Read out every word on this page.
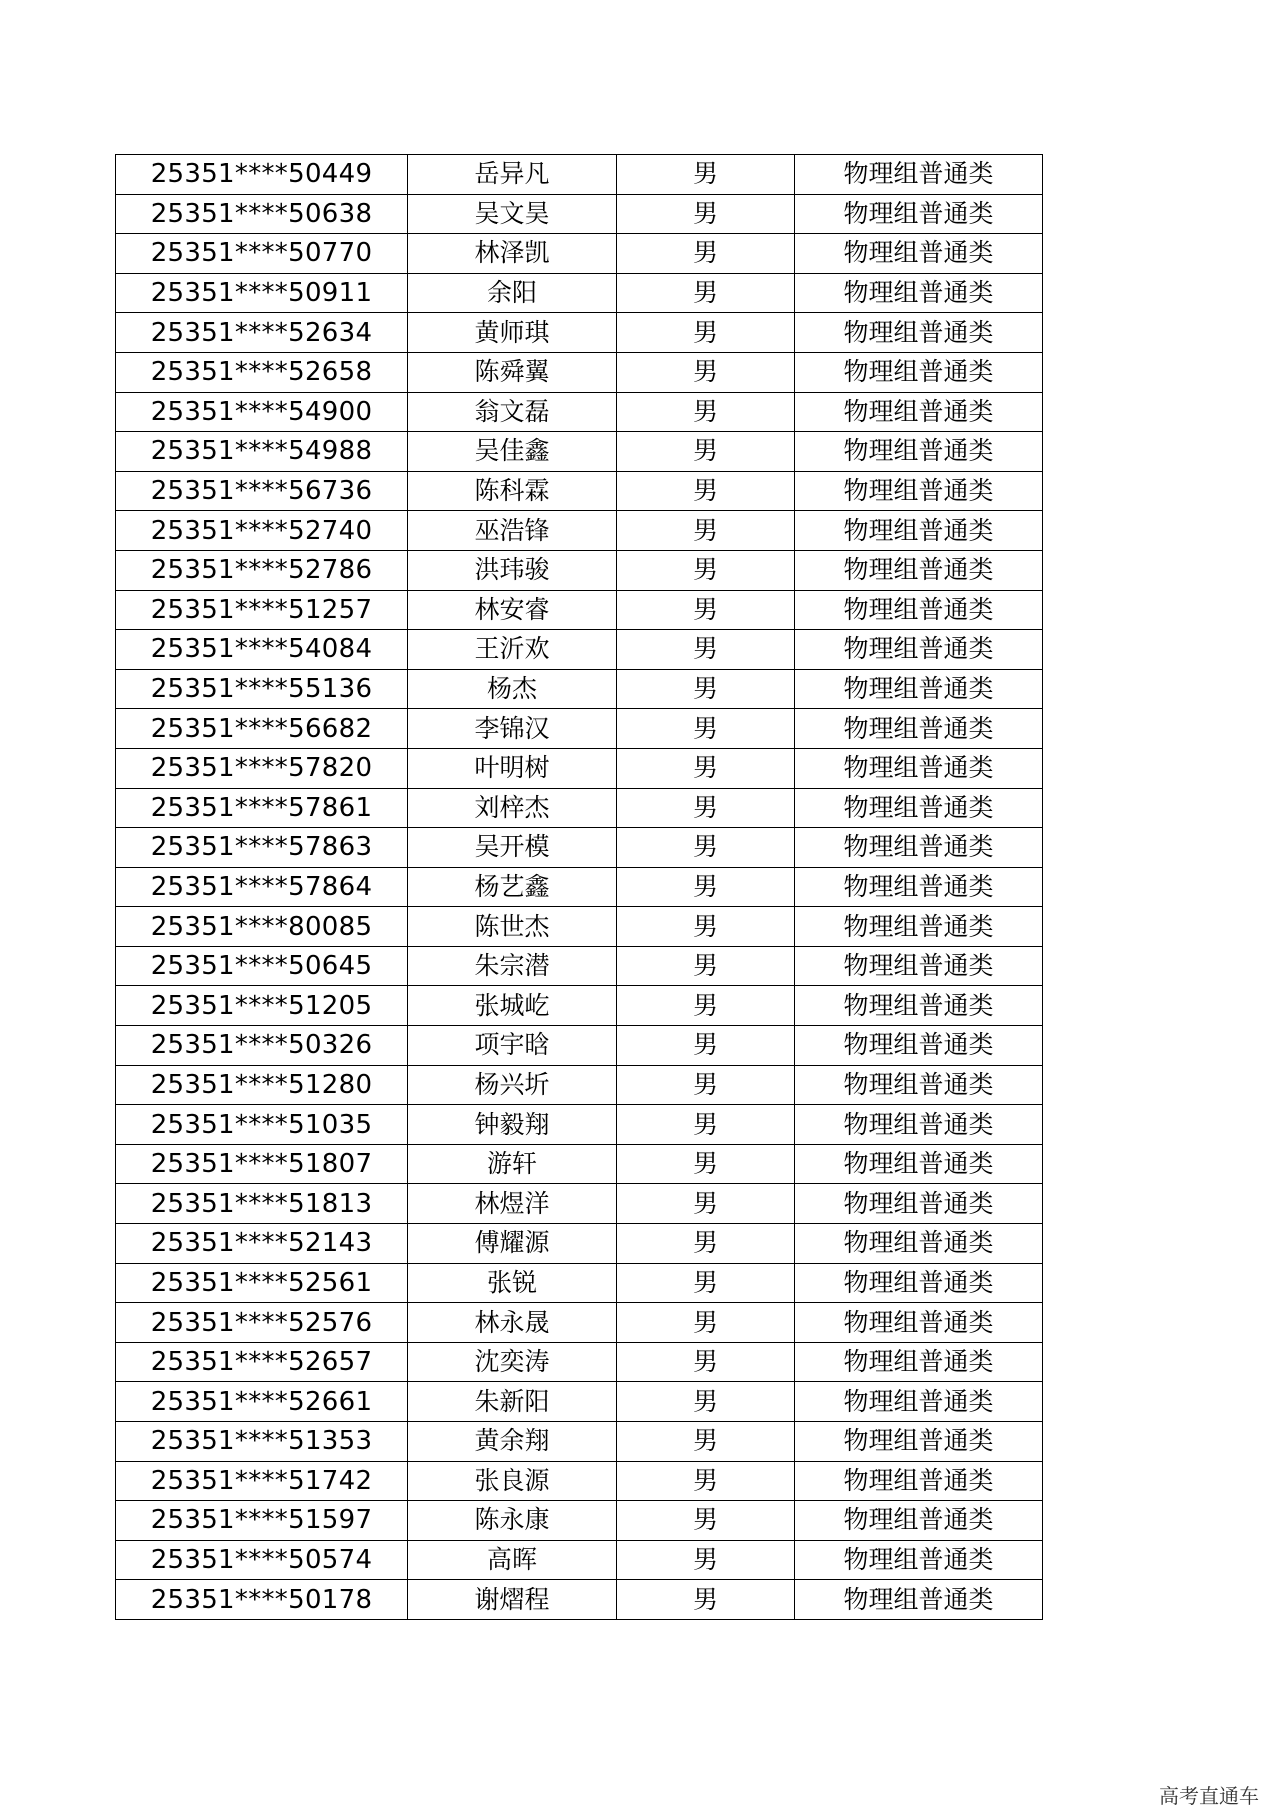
25351****50449	岳异凡	男	物理组普通类
25351****50638	吴文昊	男	物理组普通类
25351****50770	林泽凯	男	物理组普通类
25351****50911	余阳	男	物理组普通类
25351****52634	黄师琪	男	物理组普通类
25351****52658	陈舜翼	男	物理组普通类
25351****54900	翁文磊	男	物理组普通类
25351****54988	吴佳鑫	男	物理组普通类
25351****56736	陈科霖	男	物理组普通类
25351****52740	巫浩锋	男	物理组普通类
25351****52786	洪玮骏	男	物理组普通类
25351****51257	林安睿	男	物理组普通类
25351****54084	王沂欢	男	物理组普通类
25351****55136	杨杰	男	物理组普通类
25351****56682	李锦汉	男	物理组普通类
25351****57820	叶明树	男	物理组普通类
25351****57861	刘梓杰	男	物理组普通类
25351****57863	吴开模	男	物理组普通类
25351****57864	杨艺鑫	男	物理组普通类
25351****80085	陈世杰	男	物理组普通类
25351****50645	朱宗潜	男	物理组普通类
25351****51205	张城屹	男	物理组普通类
25351****50326	项宇晗	男	物理组普通类
25351****51280	杨兴圻	男	物理组普通类
25351****51035	钟毅翔	男	物理组普通类
25351****51807	游轩	男	物理组普通类
25351****51813	林煜洋	男	物理组普通类
25351****52143	傅耀源	男	物理组普通类
25351****52561	张锐	男	物理组普通类
25351****52576	林永晟	男	物理组普通类
25351****52657	沈奕涛	男	物理组普通类
25351****52661	朱新阳	男	物理组普通类
25351****51353	黄余翔	男	物理组普通类
25351****51742	张良源	男	物理组普通类
25351****51597	陈永康	男	物理组普通类
25351****50574	高晖	男	物理组普通类
25351****50178	谢熠程	男	物理组普通类
高考直通车
